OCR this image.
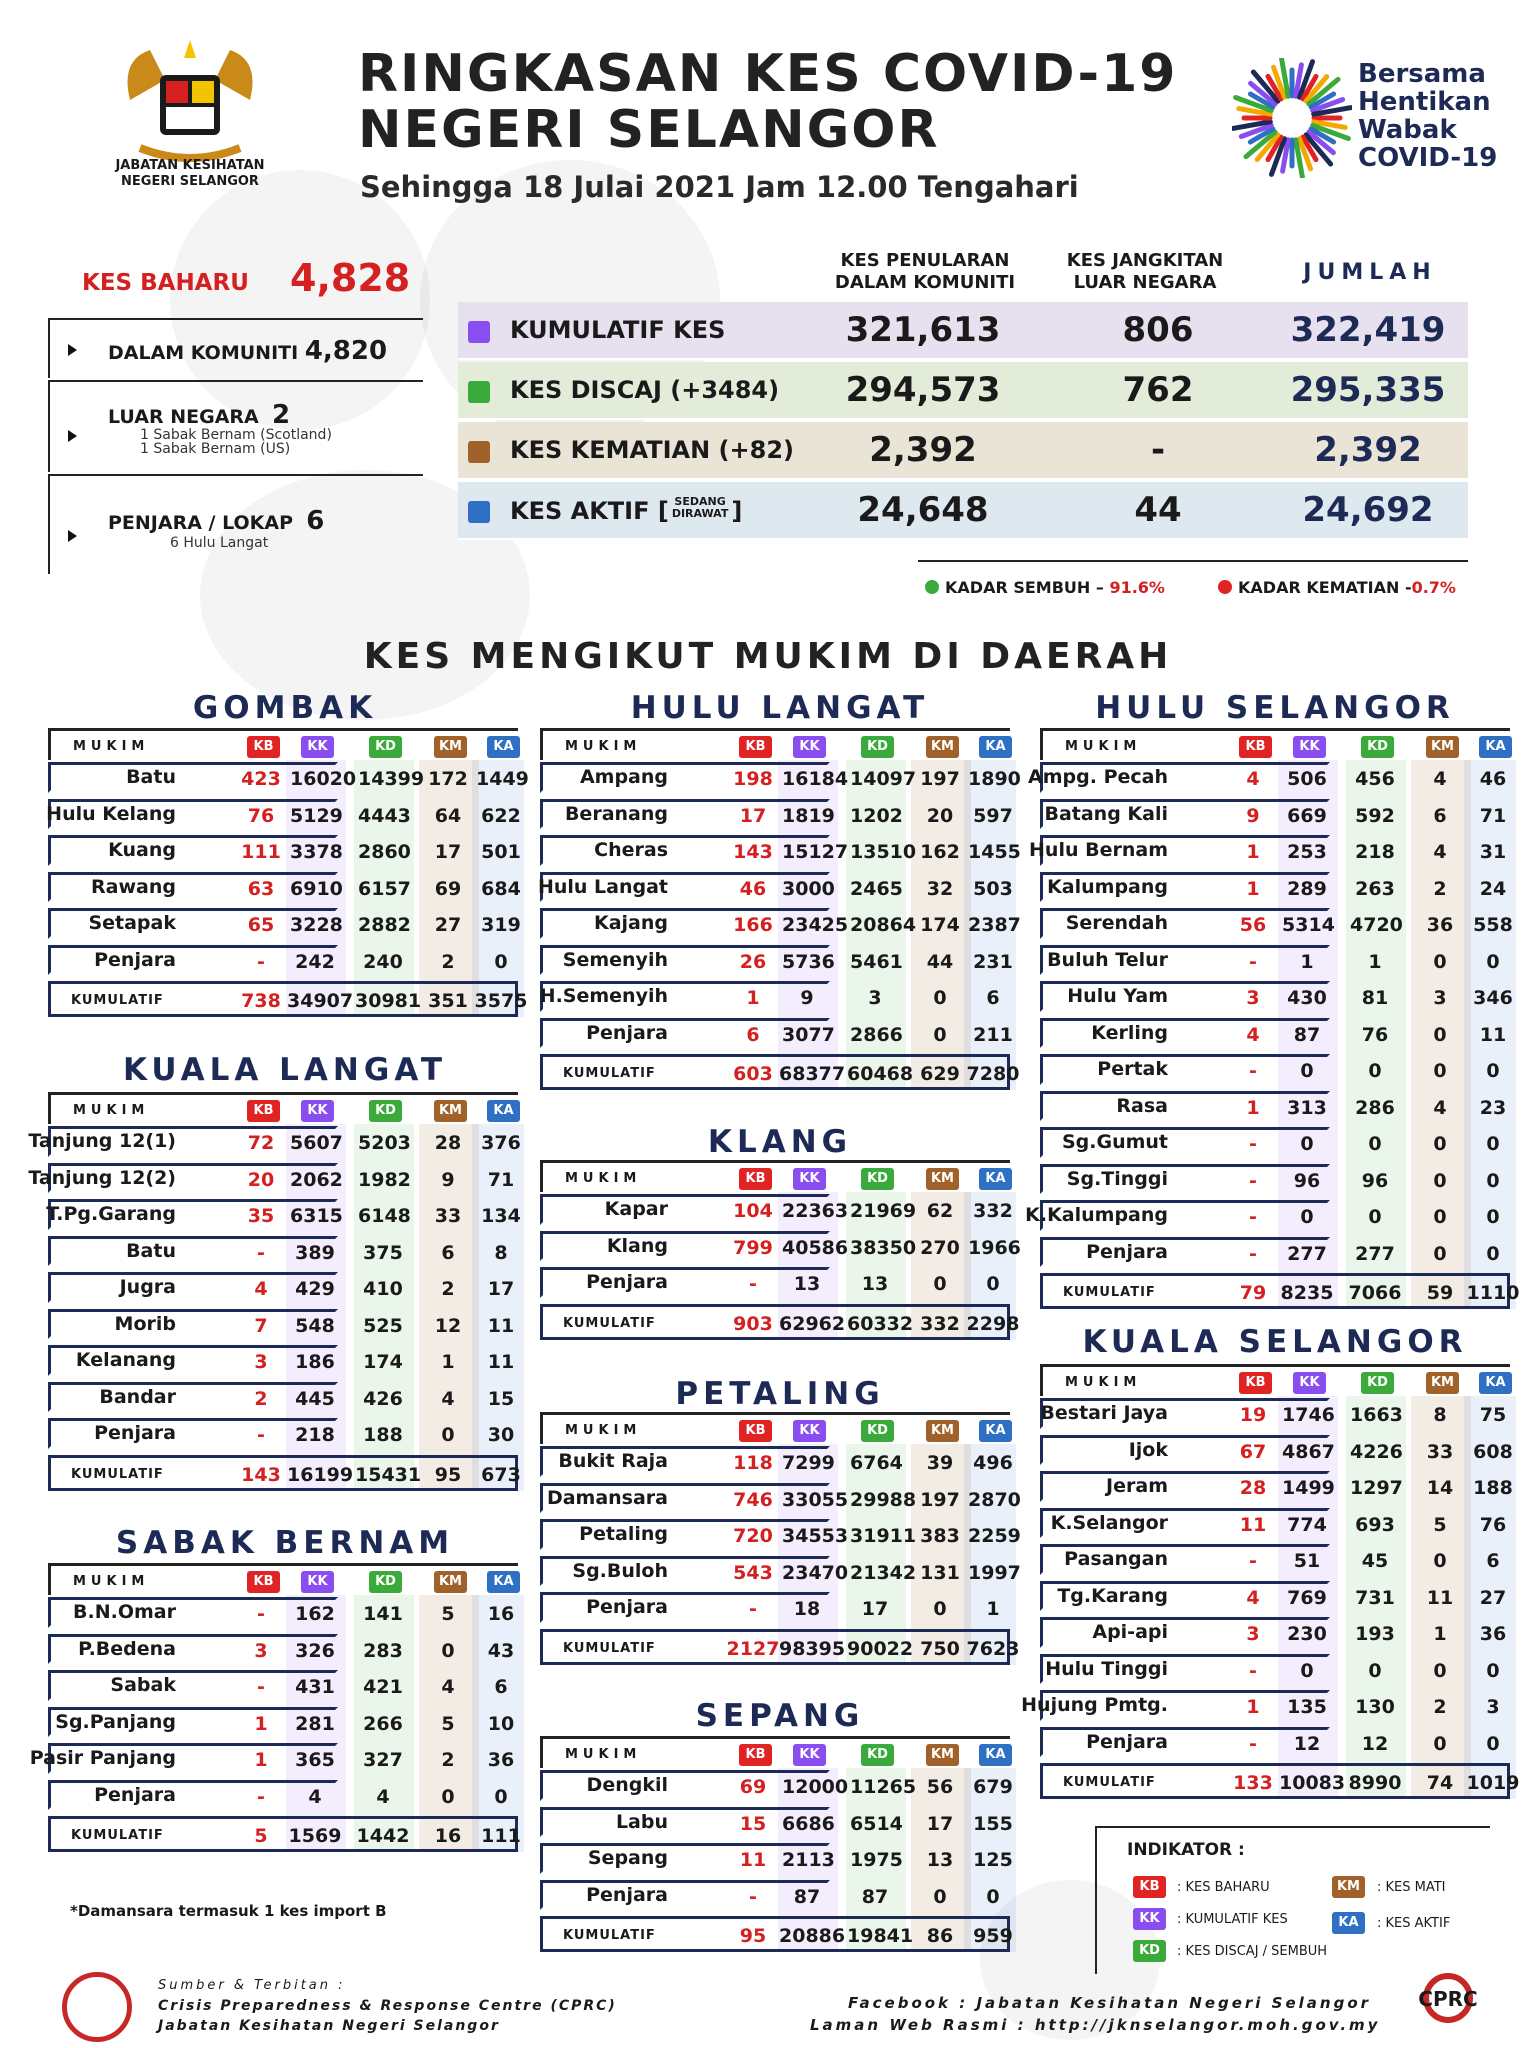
JABATAN KESIHATAN
NEGERI SELANGOR
RINGKASAN KES COVID-19
NEGERI SELANGOR
Sehingga 18 Julai 2021 Jam 12.00 Tengahari
Bersama
Hentikan
Wabak
COVID-19
KES BAHARU 4,828
DALAM KOMUNITI 4,820
LUAR NEGARA 2
1 Sabak Bernam (Scotland)
1 Sabak Bernam (US)
PENJARA / LOKAP 6
6 Hulu Langat
KES PENULARAN
DALAM KOMUNITI
KES JANGKITAN
LUAR NEGARA	JUMLAH
KUMULATIF KES	321,613	806	322,419
KES DISCAJ (+3484)	294,573	762	295,335
KES KEMATIAN (+82)	2,392	-	2,392
KES AKTIF [ SEDANG
DIRAWAT ]	24,648	44	24,692
KADAR SEMBUH – 91.6%	KADAR KEMATIAN -0.7%
KES MENGIKUT MUKIM DI DAERAH
GOMBAK
MUKIM	KB	KK	KD	KM	KA
Batu	423 16020 14399 172 1449
Hulu Kelang	76 5129 4443	64	622
Kuang	111 3378 2860	17	501
Rawang	63 6910 6157	69	684
Setapak	65 3228 2882	27	319
Penjara	-	242 240	2	0
KUMULATIF	738 34907 30981 351 3575
KUALA LANGAT
MUKIM	KB	KK	KD	KM	KA
Tanjung 12(1)	72 5607 5203	28	376
Tanjung 12(2)	20 2062 1982	9	71
T.Pg.Garang	35 6315 6148	33	134
Batu	-	389 375	6	8
Jugra	4	429 410	2	17
Morib	7	548 525	12	11
Kelanang	3	186 174	1	11
Bandar	2	445 426	4	15
Penjara	-	218 188	0	30
KUMULATIF	143 16199 15431 95	673
SABAK BERNAM
MUKIM	KB	KK	KD	KM	KA
B.N.Omar	-	162 141	5	16
P.Bedena	3	326 283	0	43
Sabak	-	431 421	4	6
Sg.Panjang	1	281 266	5	10
Pasir Panjang	1	365 327	2	36
Penjara	-	4	4	0	0
KUMULATIF	5	1569 1442	16	111
HULU LANGAT
MUKIM	KB	KK	KD	KM	KA
Ampang	198 16184 14097 197 1890
Beranang	17 1819 1202	20	597
Cheras	143 15127 13510 162 1455
Hulu Langat	46 3000 2465	32	503
Kajang	166 23425 20864 174 2387
Semenyih	26 5736 5461	44	231
H.Semenyih	1	9	3	0	6
Penjara	6	3077 2866	0	211
KUMULATIF	603 68377 60468 629 7280
KLANG
MUKIM	KB	KK	KD	KM	KA
Kapar	104 22363 21969 62	332
Klang	799 40586 38350 270 1966
Penjara	-	13	13	0	0
KUMULATIF	903 62962 60332 332 2298
PETALING
MUKIM	KB	KK	KD	KM	KA
Bukit Raja	118 7299 6764	39	496
Damansara	746 33055 29988 197 2870
Petaling	720 34553 31911 383 2259
Sg.Buloh	543 23470 21342 131 1997
Penjara	-	18	17	0	1
KUMULATIF	2127 98395 90022 750 7623
SEPANG
MUKIM	KB	KK	KD	KM	KA
Dengkil	69 12000 11265 56	679
Labu	15 6686 6514	17	155
Sepang	11 2113 1975	13	125
Penjara	-	87	87	0	0
KUMULATIF	95 20886 19841 86	959
HULU SELANGOR
MUKIM	KB	KK	KD	KM	KA
Ampg. Pecah	4	506 456	4	46
Batang Kali	9	669 592	6	71
Hulu Bernam	1	253 218	4	31
Kalumpang	1	289 263	2	24
Serendah	56 5314 4720	36	558
Buluh Telur	-	1	1	0	0
Hulu Yam	3	430	81	3	346
Kerling	4	87	76	0	11
Pertak	-	0	0	0	0
Rasa	1	313 286	4	23
Sg.Gumut	-	0	0	0	0
Sg.Tinggi	-	96	96	0	0
K.Kalumpang	-	0	0	0	0
Penjara	-	277 277	0	0
KUMULATIF	79 8235 7066	59 1110
KUALA SELANGOR
MUKIM	KB	KK	KD	KM	KA
Bestari Jaya	19 1746 1663	8	75
Ijok	67 4867 4226	33	608
Jeram	28 1499 1297	14	188
K.Selangor	11	774 693	5	76
Pasangan	-	51	45	0	6
Tg.Karang	4	769 731	11	27
Api-api	3	230 193	1	36
Hulu Tinggi	-	0	0	0	0
Hujung Pmtg.	1	135 130	2	3
Penjara	-	12	12	0	0
KUMULATIF	133 10083 8990	74 1019
*Damansara termasuk 1 kes import B
INDIKATOR :
KB	: KES BAHARU
KK	: KUMULATIF KES
KD	: KES DISCAJ / SEMBUH
KM	: KES MATI
KA	: KES AKTIF
Sumber & Terbitan :
Crisis Preparedness & Response Centre (CPRC)
Jabatan Kesihatan Negeri Selangor
Facebook : Jabatan Kesihatan Negeri Selangor
Laman Web Rasmi : http://jknselangor.moh.gov.my
CPRC
